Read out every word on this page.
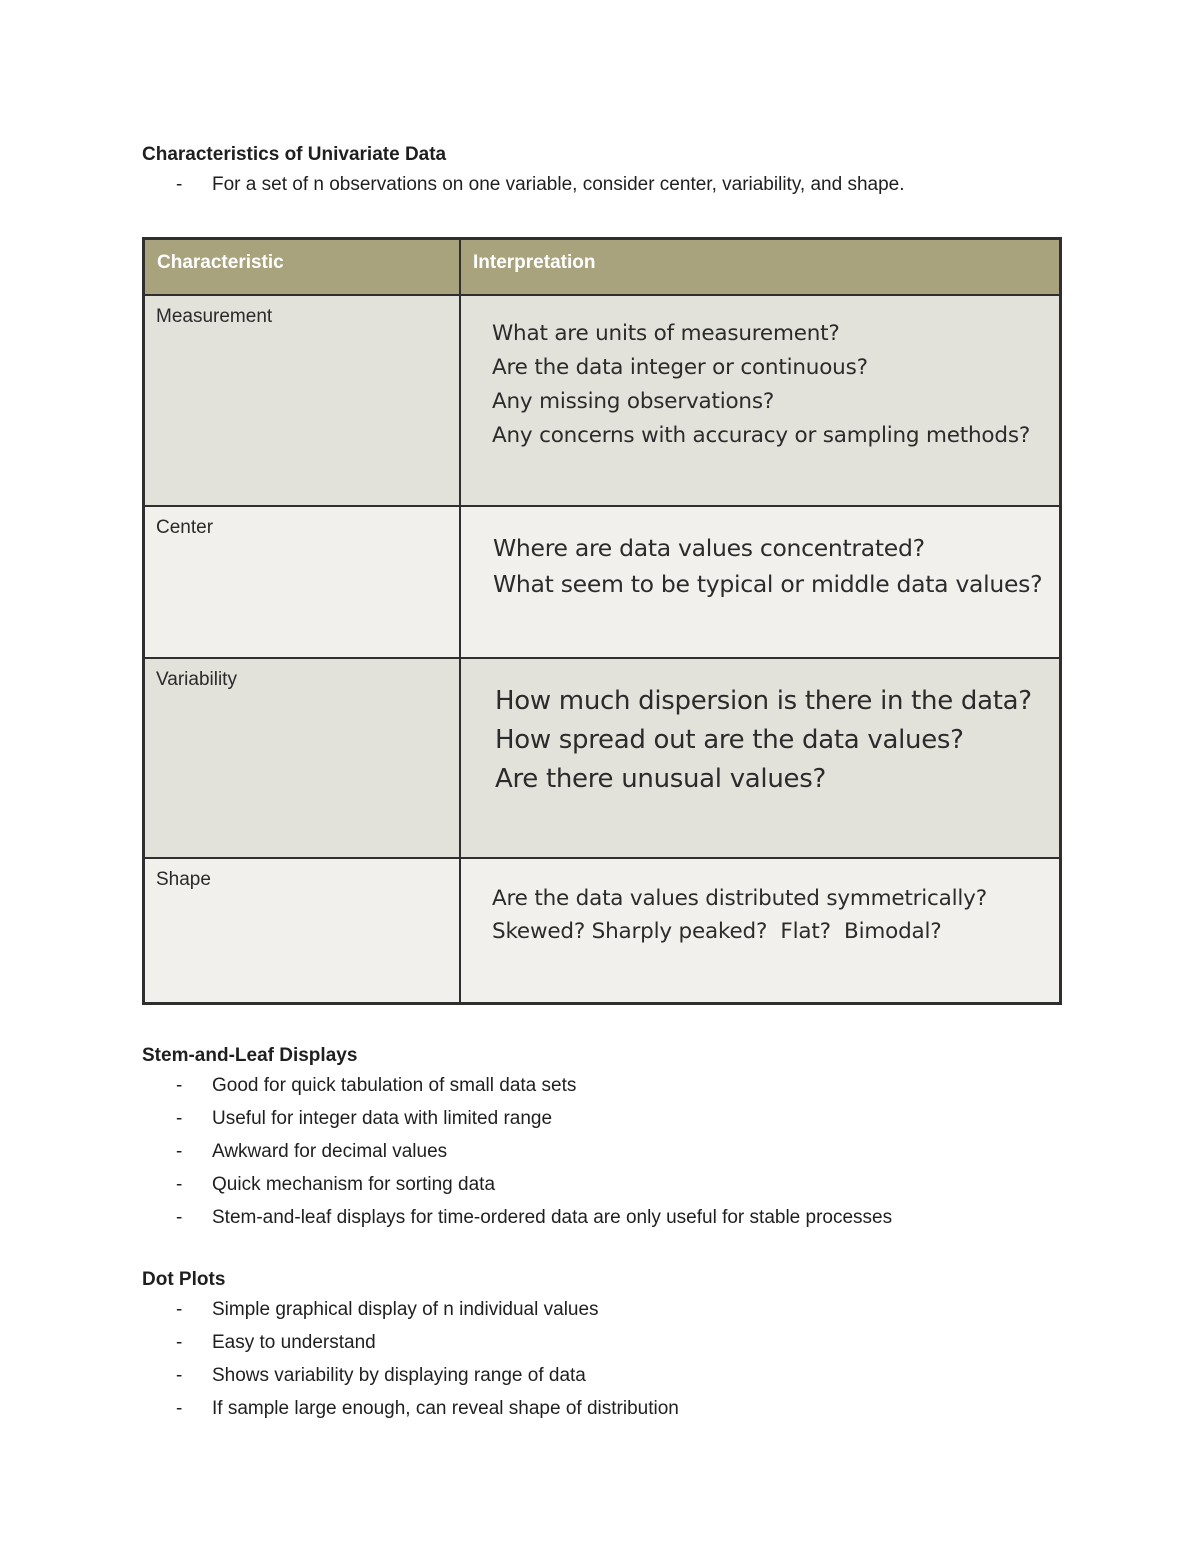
Characteristics of Univariate Data
- For a set of n observations on one variable, consider center, variability, and shape.
Characteristic	Interpretation
Measurement	What are units of measurement?
Are the data integer or continuous?
Any missing observations?
Any concerns with accuracy or sampling methods?

Center	Where are data values concentrated?
What seem to be typical or middle data values?

Variability	How much dispersion is there in the data?
How spread out are the data values?
Are there unusual values?

Shape	Are the data values distributed symmetrically?
Skewed? Sharply peaked?  Flat?  Bimodal?
Stem-and-Leaf Displays
- Good for quick tabulation of small data sets
- Useful for integer data with limited range
- Awkward for decimal values
- Quick mechanism for sorting data
- Stem-and-leaf displays for time-ordered data are only useful for stable processes
Dot Plots
- Simple graphical display of n individual values
- Easy to understand
- Shows variability by displaying range of data
- If sample large enough, can reveal shape of distribution
